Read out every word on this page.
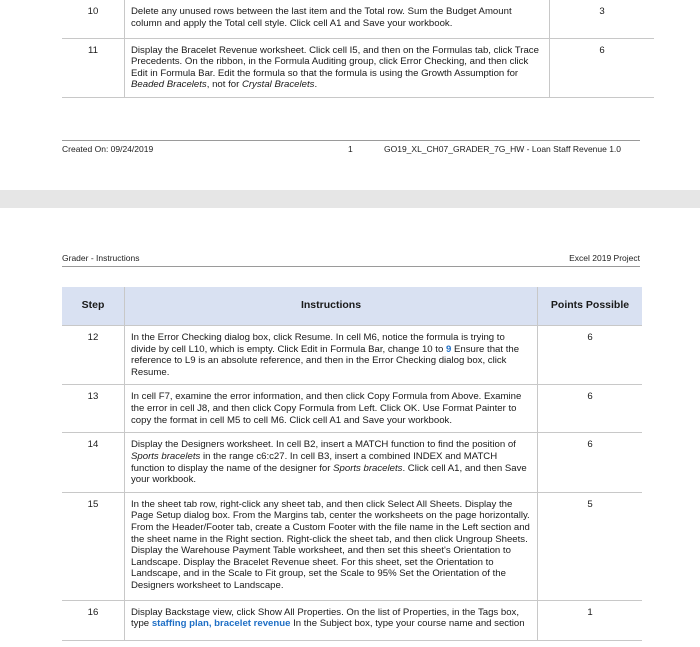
10	Delete any unused rows between the last item and the Total row. Sum the Budget Amount column and apply the Total cell style. Click cell A1 and Save your workbook.	3
11	Display the Bracelet Revenue worksheet. Click cell I5, and then on the Formulas tab, click Trace Precedents. On the ribbon, in the Formula Auditing group, click Error Checking, and then click Edit in Formula Bar. Edit the formula so that the formula is using the Growth Assumption for Beaded Bracelets, not for Crystal Bracelets.	6
Created On: 09/24/2019	1	GO19_XL_CH07_GRADER_7G_HW - Loan Staff Revenue 1.0
Grader - Instructions	Excel 2019 Project
Step	Instructions	Points Possible
12	In the Error Checking dialog box, click Resume. In cell M6, notice the formula is trying to divide by cell L10, which is empty. Click Edit in Formula Bar, change 10 to 9 Ensure that the reference to L9 is an absolute reference, and then in the Error Checking dialog box, click Resume.	6
13	In cell F7, examine the error information, and then click Copy Formula from Above. Examine the error in cell J8, and then click Copy Formula from Left. Click OK. Use Format Painter to copy the format in cell M5 to cell M6. Click cell A1 and Save your workbook.	6
14	Display the Designers worksheet. In cell B2, insert a MATCH function to find the position of Sports bracelets in the range c6:c27. In cell B3, insert a combined INDEX and MATCH function to display the name of the designer for Sports bracelets. Click cell A1, and then Save your workbook.	6
15	In the sheet tab row, right-click any sheet tab, and then click Select All Sheets. Display the Page Setup dialog box. From the Margins tab, center the worksheets on the page horizontally. From the Header/Footer tab, create a Custom Footer with the file name in the Left section and the sheet name in the Right section. Right-click the sheet tab, and then click Ungroup Sheets. Display the Warehouse Payment Table worksheet, and then set this sheet's Orientation to Landscape. Display the Bracelet Revenue sheet. For this sheet, set the Orientation to Landscape, and in the Scale to Fit group, set the Scale to 95% Set the Orientation of the Designers worksheet to Landscape.	5
16	Display Backstage view, click Show All Properties. On the list of Properties, in the Tags box, type staffing plan, bracelet revenue In the Subject box, type your course name and section	1
